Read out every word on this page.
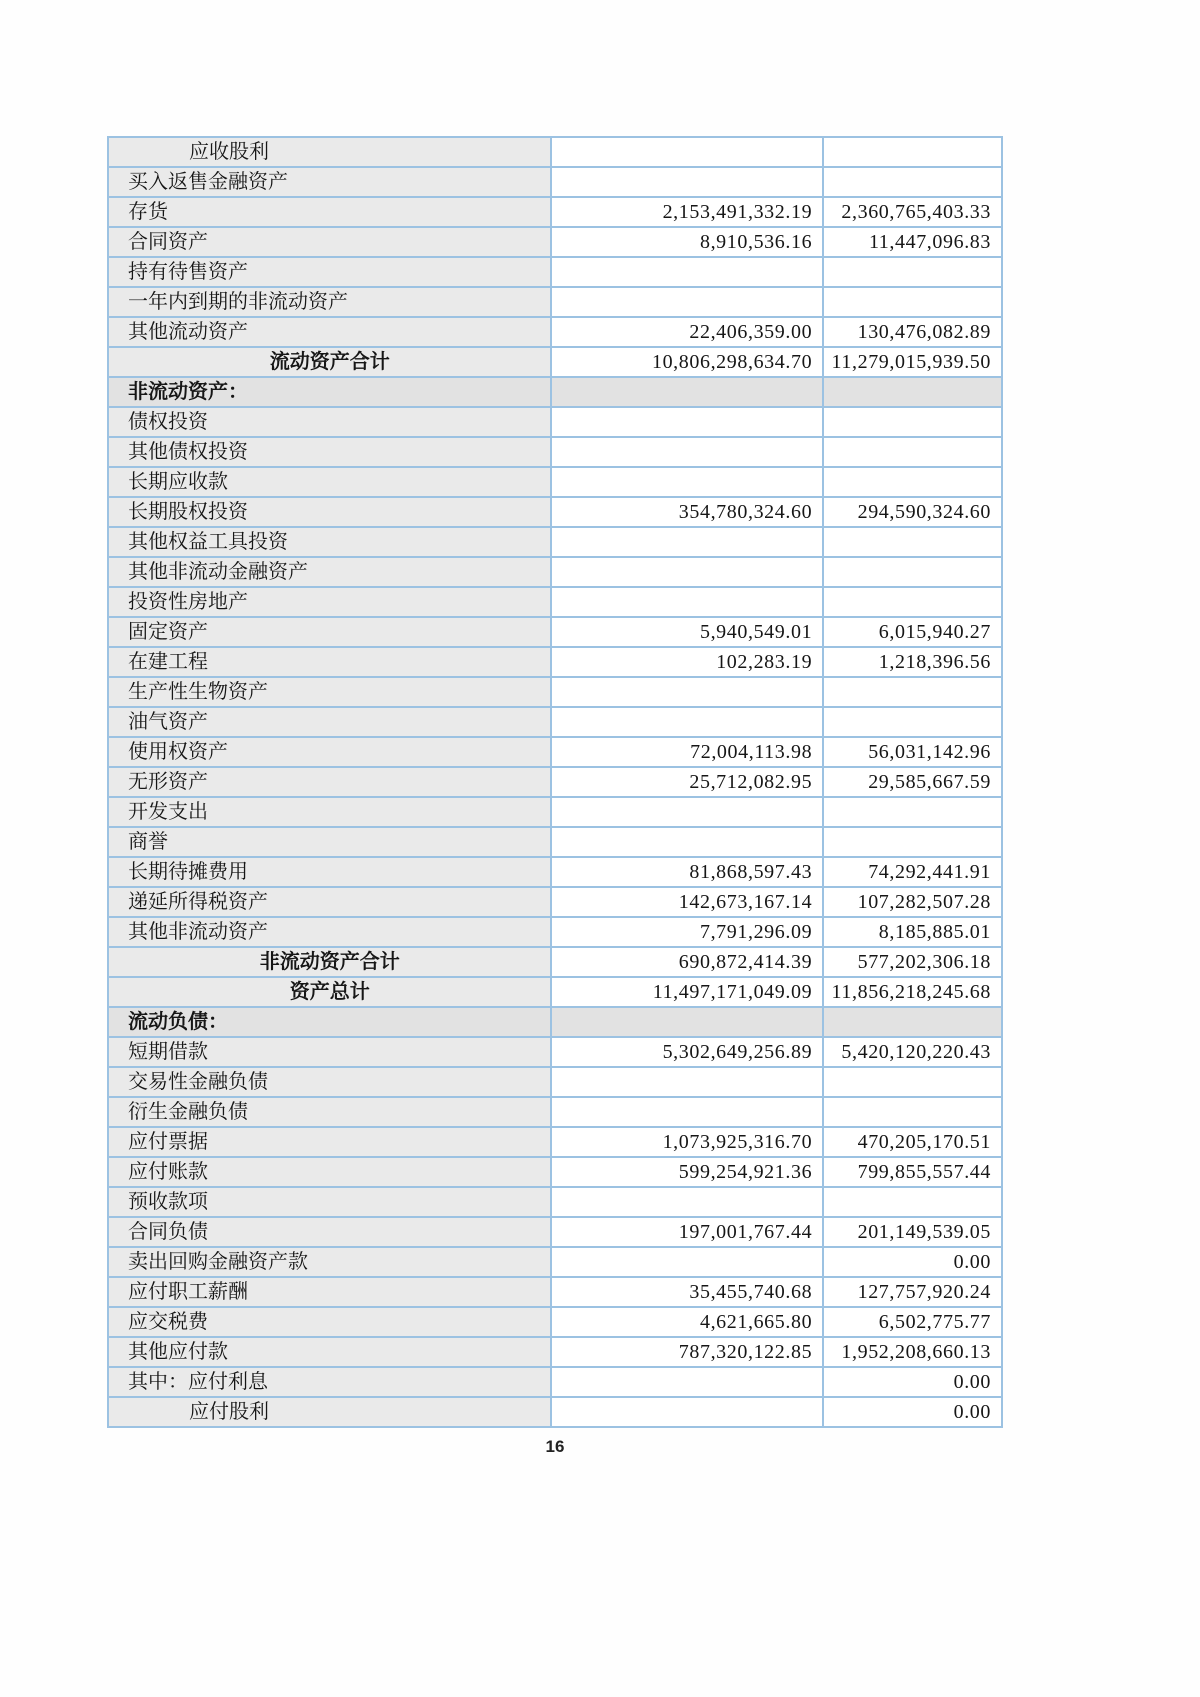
应收股利		
买入返售金融资产		
存货	2,153,491,332.19	2,360,765,403.33
合同资产	8,910,536.16	11,447,096.83
持有待售资产		
一年内到期的非流动资产		
其他流动资产	22,406,359.00	130,476,082.89
流动资产合计	10,806,298,634.70	11,279,015,939.50
非流动资产：		
债权投资		
其他债权投资		
长期应收款		
长期股权投资	354,780,324.60	294,590,324.60
其他权益工具投资		
其他非流动金融资产		
投资性房地产		
固定资产	5,940,549.01	6,015,940.27
在建工程	102,283.19	1,218,396.56
生产性生物资产		
油气资产		
使用权资产	72,004,113.98	56,031,142.96
无形资产	25,712,082.95	29,585,667.59
开发支出		
商誉		
长期待摊费用	81,868,597.43	74,292,441.91
递延所得税资产	142,673,167.14	107,282,507.28
其他非流动资产	7,791,296.09	8,185,885.01
非流动资产合计	690,872,414.39	577,202,306.18
资产总计	11,497,171,049.09	11,856,218,245.68
流动负债：		
短期借款	5,302,649,256.89	5,420,120,220.43
交易性金融负债		
衍生金融负债		
应付票据	1,073,925,316.70	470,205,170.51
应付账款	599,254,921.36	799,855,557.44
预收款项		
合同负债	197,001,767.44	201,149,539.05
卖出回购金融资产款		0.00
应付职工薪酬	35,455,740.68	127,757,920.24
应交税费	4,621,665.80	6,502,775.77
其他应付款	787,320,122.85	1,952,208,660.13
其中：应付利息		0.00
应付股利		0.00
16
